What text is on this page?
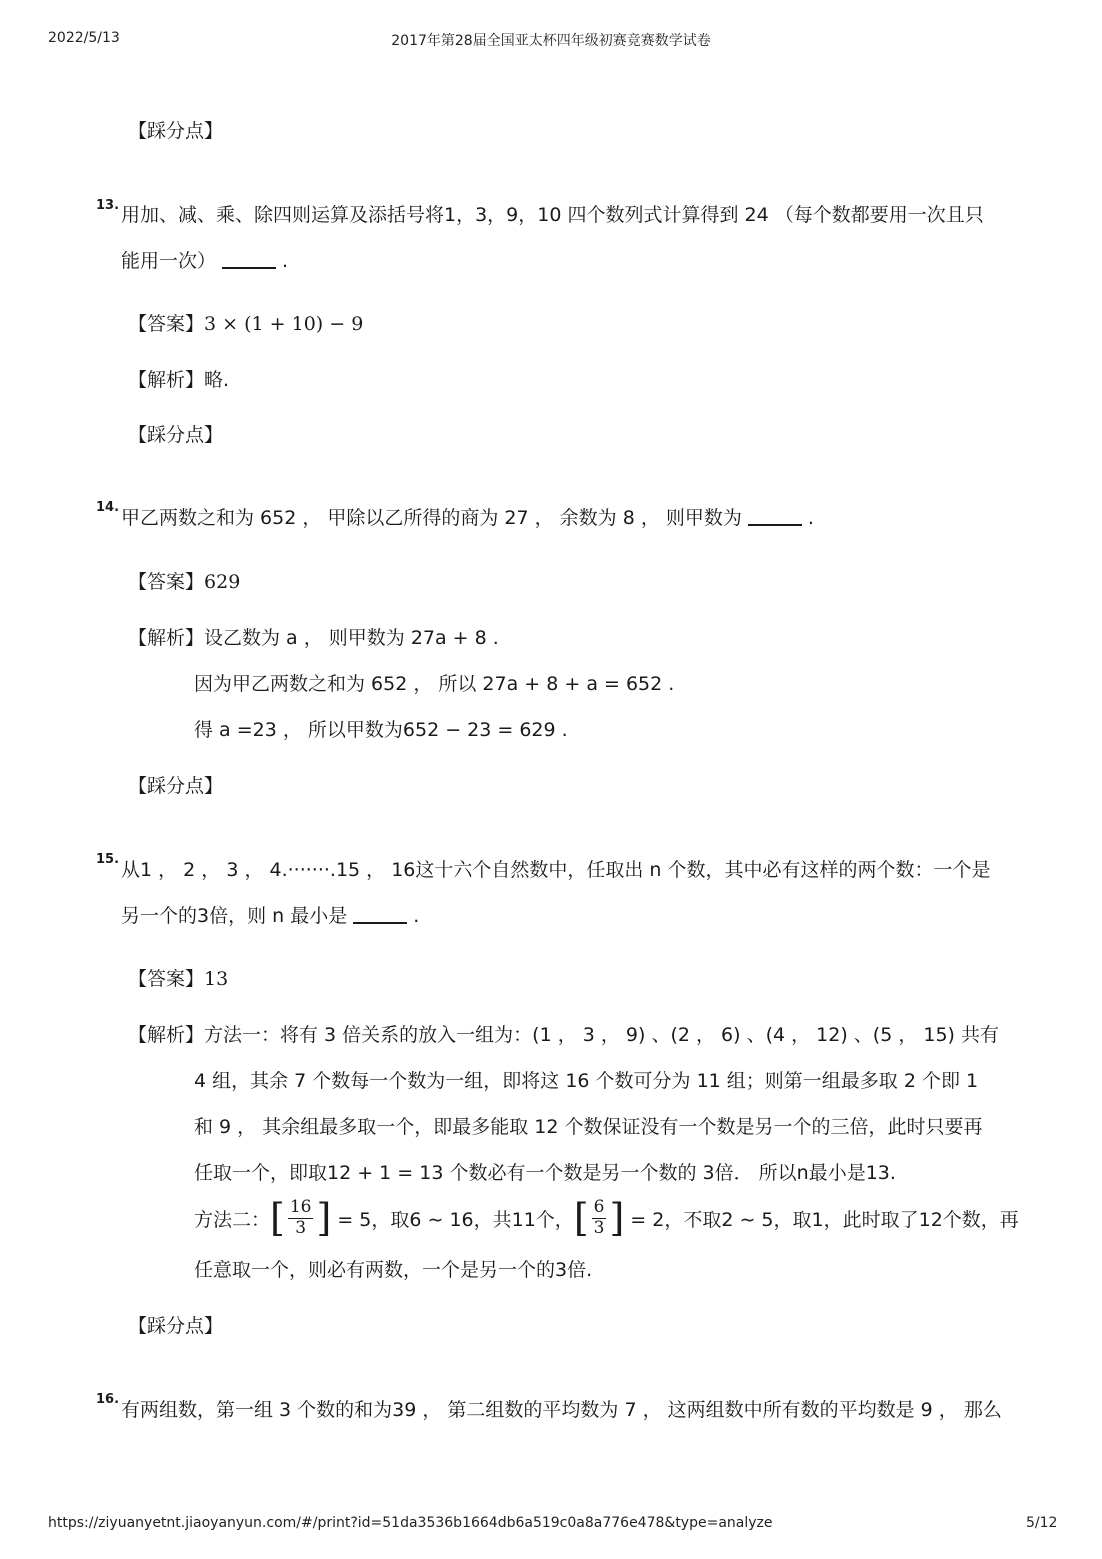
2022/5/13	2017年第28届全国亚太杯四年级初赛竞赛数学试卷
【踩分点】
13. 用加、减、乘、除四则运算及添括号将1，3，9，10 四个数列式计算得到 24 （每个数都要用一次且只
能用一次）	.
【答案】3 × (1 + 10) − 9
【解析】略.
【踩分点】
14. 甲乙两数之和为 652 ， 甲除以乙所得的商为 27 ， 余数为 8 ， 则甲数为	.
【答案】629
【解析】设乙数为 a ， 则甲数为 27a + 8 .
因为甲乙两数之和为 652 ， 所以 27a + 8 + a = 652 .
得 a =23 ， 所以甲数为652 − 23 = 629 .
【踩分点】
15. 从1 ， 2 ， 3 ， 4.·······.15 ， 16这十六个自然数中，任取出 n 个数，其中必有这样的两个数：一个是
另一个的3倍，则 n 最小是	.
【答案】13
【解析】方法一：将有 3 倍关系的放入一组为：(1 ， 3 ， 9) 、(2 ， 6) 、(4 ， 12) 、(5 ， 15) 共有
4 组，其余 7 个数每一个数为一组，即将这 16 个数可分为 11 组；则第一组最多取 2 个即 1
和 9 ， 其余组最多取一个，即最多能取 12 个数保证没有一个数是另一个的三倍，此时只要再
任取一个，即取12 + 1 = 13 个数必有一个数是另一个数的 3倍． 所以n最小是13.
方法二： [ $\frac{16}{3}$ ] = 5，取6 ∼ 16，共11个， [ $\frac{6}{3}$ ] = 2，不取2 ∼ 5，取1，此时取了12个数，再
任意取一个，则必有两数，一个是另一个的3倍.
【踩分点】
16. 有两组数，第一组 3 个数的和为39 ， 第二组数的平均数为 7 ， 这两组数中所有数的平均数是 9 ， 那么
https://ziyuanyetnt.jiaoyanyun.com/#/print?id=51da3536b1664db6a519c0a8a776e478&type=analyze	5/12
